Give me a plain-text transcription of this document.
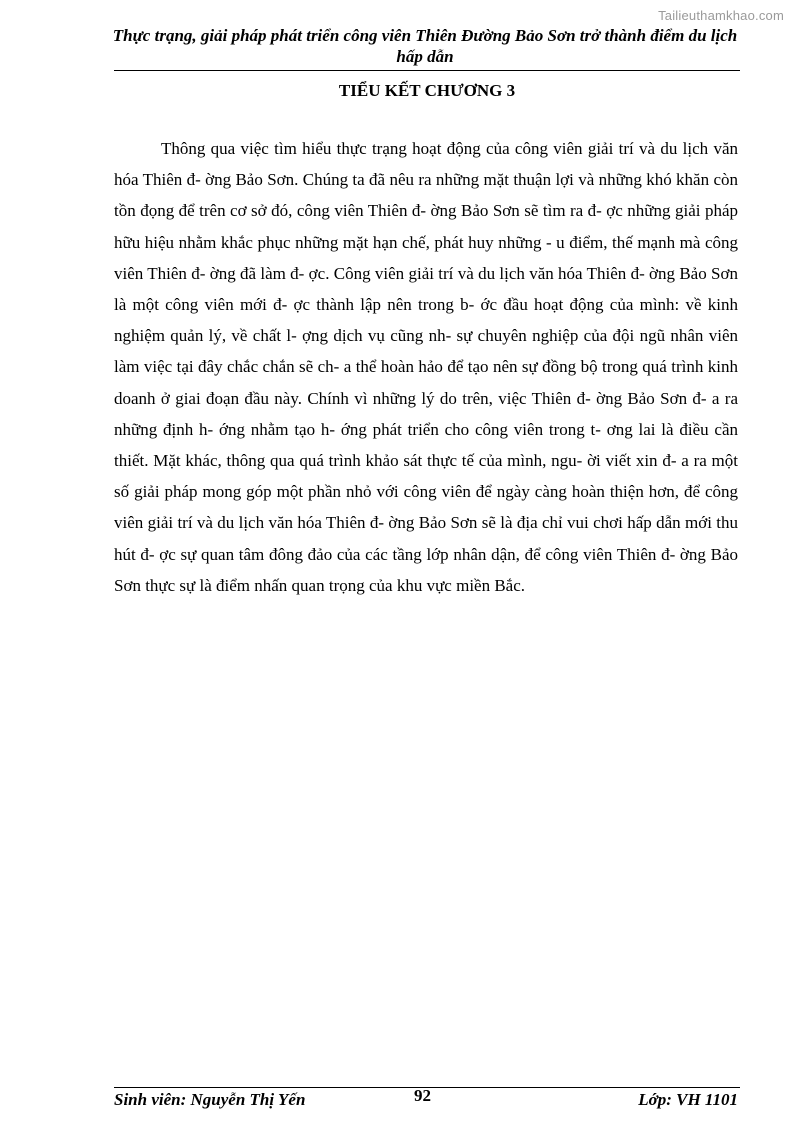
Tailieuthamkhao.com
Thực trạng, giải pháp phát triển công viên Thiên Đường Bảo Sơn trở thành điểm du lịch hấp dẫn
TIỂU KẾT CHƯƠNG 3

Thông qua việc tìm hiểu thực trạng hoạt động của công viên giải trí và du lịch văn hóa Thiên đ- ờng Bảo Sơn. Chúng ta đã nêu ra những mặt thuận lợi và những khó khăn còn tồn đọng để trên cơ sở đó, công viên Thiên đ- ờng Bảo Sơn sẽ tìm ra đ- ợc những giải pháp hữu hiệu nhằm khắc phục những mặt hạn chế, phát huy những - u điểm, thế mạnh mà công viên Thiên đ- ờng đã làm đ- ợc. Công viên giải trí và du lịch văn hóa Thiên đ- ờng Bảo Sơn là một công viên mới đ- ợc thành lập nên trong b- ớc đầu hoạt động của mình: về kinh nghiệm quản lý, về chất l- ợng dịch vụ cũng nh- sự chuyên nghiệp của đội ngũ nhân viên làm việc tại đây chắc chắn sẽ ch- a thể hoàn hảo để tạo nên sự đồng bộ trong quá trình kinh doanh ở giai đoạn đầu này. Chính vì những lý do trên, việc Thiên đ- ờng Bảo Sơn đ- a ra những định h- ớng nhằm tạo h- ớng phát triển cho công viên trong t- ơng lai là điều cần thiết. Mặt khác, thông qua quá trình khảo sát thực tế của mình, ngu- ời viết xin đ- a ra một số giải pháp mong góp một phần nhỏ với công viên để ngày càng hoàn thiện hơn, để công viên giải trí và du lịch văn hóa Thiên đ- ờng Bảo Sơn sẽ là địa chỉ vui chơi hấp dẫn mới thu hút đ- ợc sự quan tâm đông đảo của các tầng lớp nhân dận, để công viên Thiên đ- ờng Bảo Sơn thực sự là điểm nhấn quan trọng của khu vực miền Bắc.

Sinh viên: Nguyễn Thị Yến	92	Lớp: VH 1101
